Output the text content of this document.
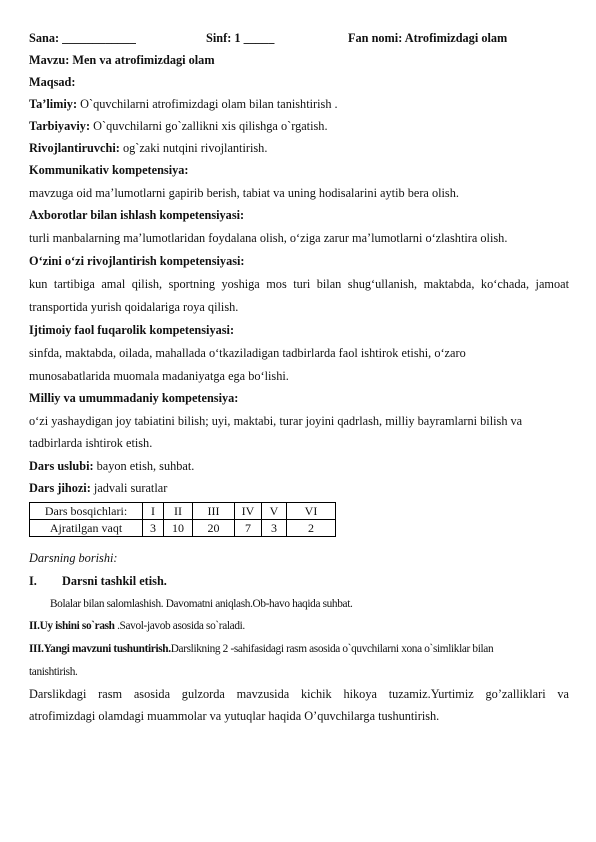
Sana: ____________	Sinf: 1 _____	Fan nomi: Atrofimizdagi olam
Mavzu: Men va atrofimizdagi olam
Maqsad:
Ta’limiy: O`quvchilarni atrofimizdagi olam bilan tanishtirish .
Tarbiyaviy: O`quvchilarni go`zallikni xis qilishga o`rgatish.
Rivojlantiruvchi: og`zaki nutqini rivojlantirish.
Kommunikativ kompetensiya:
mavzuga oid ma’lumotlarni gapirib berish, tabiat va uning hodisalarini aytib bera olish.
Axborotlar bilan ishlash kompetensiyasi:
turli manbalarning ma’lumotlaridan foydalana olish, o‘ziga zarur ma’lumotlarni o‘zlashtira olish.
O‘zini o‘zi rivojlantirish kompetensiyasi:
kun tartibiga amal qilish, sportning yoshiga mos turi bilan shug‘ullanish, maktabda, ko‘chada, jamoat
transportida yurish qoidalariga roya qilish.
Ijtimoiy faol fuqarolik kompetensiyasi:
sinfda, maktabda, oilada, mahallada o‘tkaziladigan tadbirlarda faol ishtirok etishi, o‘zaro
munosabatlarida muomala madaniyatga ega bo‘lishi.
Milliy va umummadaniy kompetensiya:
o‘zi yashaydigan joy tabiatini bilish; uyi, maktabi, turar joyini qadrlash, milliy bayramlarni bilish va
tadbirlarda ishtirok etish.
Dars uslubi: bayon etish, suhbat.
Dars jihozi: jadvali suratlar
Dars bosqichlari:	I	II	III	IV	V	VI
Ajratilgan vaqt	3	10	20	7	3	2
Darsning borishi:
I. Darsni tashkil etish.
Bolalar bilan salomlashish. Davomatni aniqlash.Ob-havo haqida suhbat.
II.Uy ishini so`rash .Savol-javob asosida so`raladi.
III.Yangi mavzuni tushuntirish.Darslikning 2 -sahifasidagi rasm asosida o`quvchilarni xona o`simliklar bilan
tanishtirish.
Darslikdagi rasm asosida gulzorda mavzusida kichik hikoya tuzamiz.Yurtimiz go’zalliklari va
atrofimizdagi olamdagi muammolar va yutuqlar haqida O’quvchilarga tushuntirish.
